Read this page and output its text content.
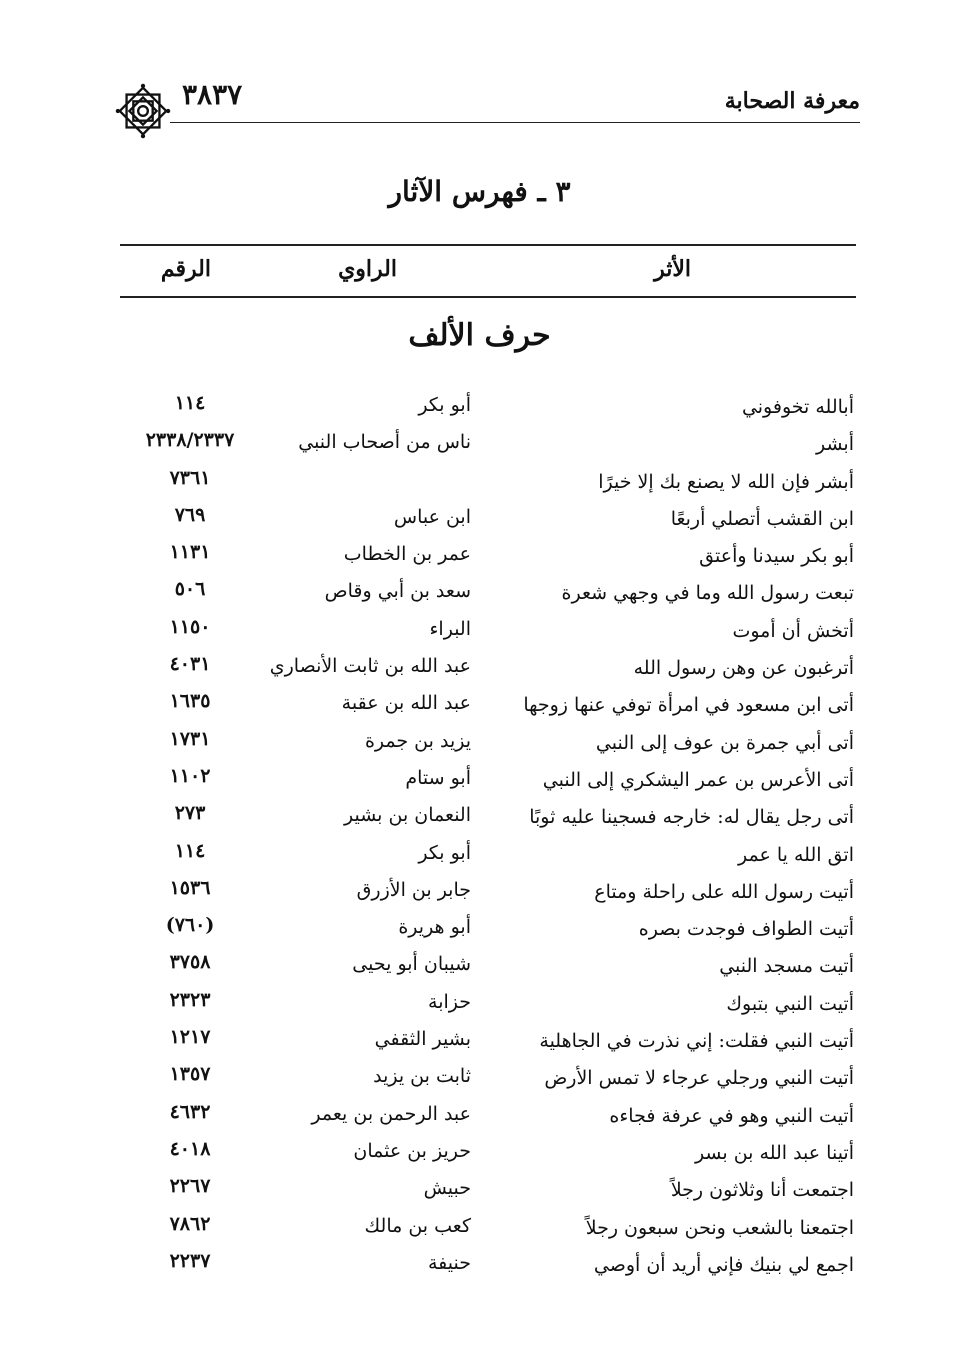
٣٨٣٧	معرفة الصحابة
٣ ـ فهرس الآثار
الأثر
الراوي
الرقم
حرف الألف
أبالله تخوفوني
أبو بكر
١١٤
أبشر
ناس من أصحاب النبي
٢٣٣٨/٢٣٣٧
أبشر فإن الله لا يصنع بك إلا خيرًا
٧٣٦١
ابن القشب أتصلي أربعًا
ابن عباس
٧٦٩
أبو بكر سيدنا وأعتق
عمر بن الخطاب
١١٣١
تبعت رسول الله وما في وجهي شعرة
سعد بن أبي وقاص
٥٠٦
أتخش أن أموت
البراء
١١٥٠
أترغبون عن وهن رسول الله
عبد الله بن ثابت الأنصاري
٤٠٣١
أتى ابن مسعود في امرأة توفي عنها زوجها
عبد الله بن عقبة
١٦٣٥
أتى أبي جمرة بن عوف إلى النبي
يزيد بن جمرة
١٧٣١
أتى الأعرس بن عمر اليشكري إلى النبي
أبو ستام
١١٠٢
أتى رجل يقال له: خارجه فسجينا عليه ثوبًا
النعمان بن بشير
٢٧٣
اتق الله يا عمر
أبو بكر
١١٤
أتيت رسول الله على راحلة ومتاع
جابر بن الأزرق
١٥٣٦
أتيت الطواف فوجدت بصره
أبو هريرة
(٧٦٠)
أتيت مسجد النبي
شيبان أبو يحيى
٣٧٥٨
أتيت النبي بتبوك
حزابة
٢٣٢٣
أتيت النبي فقلت: إني نذرت في الجاهلية
بشير الثقفي
١٢١٧
أتيت النبي ورجلي عرجاء لا تمس الأرض
ثابت بن يزيد
١٣٥٧
أتيت النبي وهو في عرفة فجاءه
عبد الرحمن بن يعمر
٤٦٣٢
أتينا عبد الله بن بسر
حريز بن عثمان
٤٠١٨
اجتمعت أنا وثلاثون رجلاً
حبيش
٢٢٦٧
اجتمعنا بالشعب ونحن سبعون رجلاً
كعب بن مالك
٧٨٦٢
اجمع لي بنيك فإني أريد أن أوصي
حنيفة
٢٢٣٧
